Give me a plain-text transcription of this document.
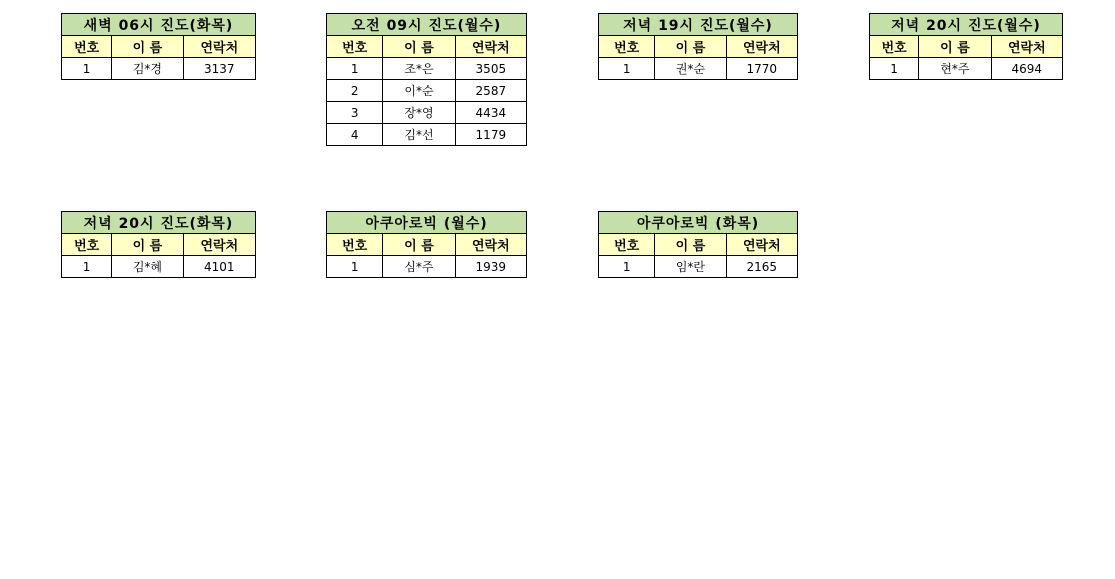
새벽 06시 진도(화목)		
번호	이 름	연락처
1	김*경	3137
오전 09시 진도(월수)		
번호	이 름	연락처
1	조*은	3505
2	이*순	2587
3	장*영	4434
4	김*선	1179
저녁 19시 진도(월수)		
번호	이 름	연락처
1	권*순	1770
저녁 20시 진도(월수)		
번호	이 름	연락처
1	현*주	4694
저녁 20시 진도(화목)		
번호	이 름	연락처
1	김*혜	4101
아쿠아로빅 (월수)		
번호	이 름	연락처
1	심*주	1939
아쿠아로빅 (화목)		
번호	이 름	연락처
1	임*란	2165
